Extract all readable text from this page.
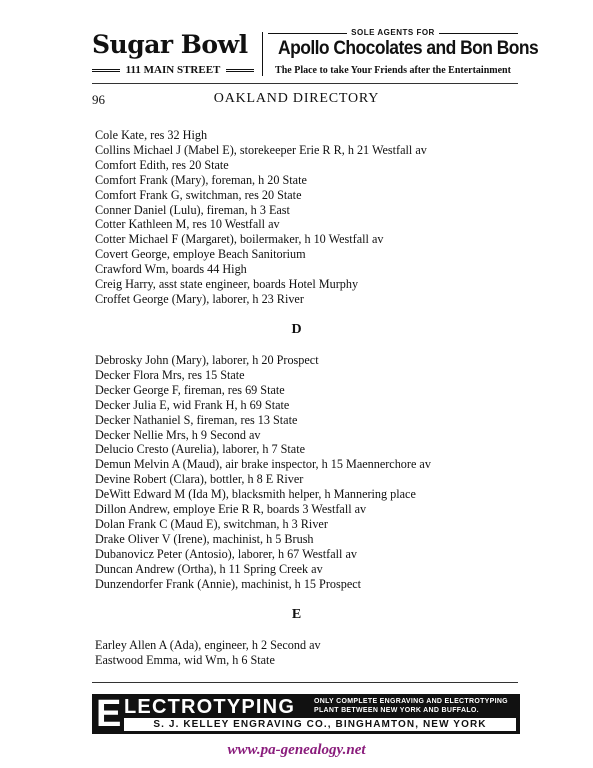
Sugar Bowl
111 MAIN STREET
SOLE AGENTS FOR
Apollo Chocolates and Bon Bons
The Place to take Your Friends after the Entertainment
96	OAKLAND DIRECTORY
Cole Kate, res 32 High
Collins Michael J (Mabel E), storekeeper Erie R R, h 21 Westfall av
Comfort Edith, res 20 State
Comfort Frank (Mary), foreman, h 20 State
Comfort Frank G, switchman, res 20 State
Conner Daniel (Lulu), fireman, h 3 East
Cotter Kathleen M, res 10 Westfall av
Cotter Michael F (Margaret), boilermaker, h 10 Westfall av
Covert George, employe Beach Sanitorium
Crawford Wm, boards 44 High
Creig Harry, asst state engineer, boards Hotel Murphy
Croffet George (Mary), laborer, h 23 River
D
Debrosky John (Mary), laborer, h 20 Prospect
Decker Flora Mrs, res 15 State
Decker George F, fireman, res 69 State
Decker Julia E, wid Frank H, h 69 State
Decker Nathaniel S, fireman, res 13 State
Decker Nellie Mrs, h 9 Second av
Delucio Cresto (Aurelia), laborer, h 7 State
Demun Melvin A (Maud), air brake inspector, h 15 Maennerchore av
Devine Robert (Clara), bottler, h 8 E River
DeWitt Edward M (Ida M), blacksmith helper, h Mannering place
Dillon Andrew, employe Erie R R, boards 3 Westfall av
Dolan Frank C (Maud E), switchman, h 3 River
Drake Oliver V (Irene), machinist, h 5 Brush
Dubanovicz Peter (Antosio), laborer, h 67 Westfall av
Duncan Andrew (Ortha), h 11 Spring Creek av
Dunzendorfer Frank (Annie), machinist, h 15 Prospect
E
Earley Allen A (Ada), engineer, h 2 Second av
Eastwood Emma, wid Wm, h 6 State
E LECTROTYPING	ONLY COMPLETE ENGRAVING AND ELECTROTYPING
PLANT BETWEEN NEW YORK AND BUFFALO.
S. J. KELLEY ENGRAVING CO., BINGHAMTON, NEW YORK
www.pa-genealogy.net
